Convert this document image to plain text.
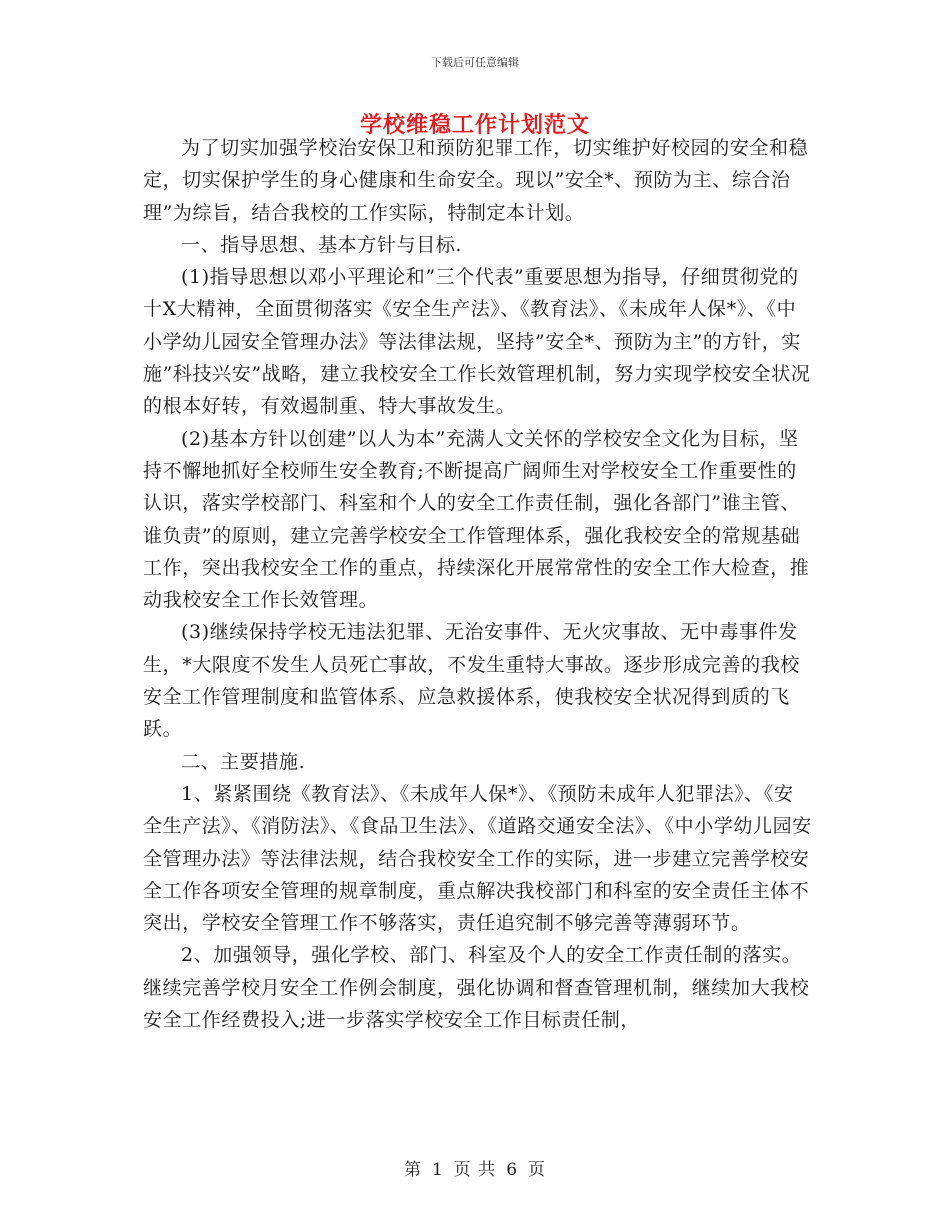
下载后可任意编辑
学校维稳工作计划范文

为了切实加强学校治安保卫和预防犯罪工作，切实维护好校园的安全和稳定，切实保护学生的身心健康和生命安全。现以”安全*、预防为主、综合治理”为综旨，结合我校的工作实际，特制定本计划。

一、指导思想、基本方针与目标.

(1)指导思想以邓小平理论和”三个代表”重要思想为指导，仔细贯彻党的十X大精神，全面贯彻落实《安全生产法》、《教育法》、《未成年人保*》、《中小学幼儿园安全管理办法》等法律法规，坚持”安全*、预防为主”的方针，实施”科技兴安”战略，建立我校安全工作长效管理机制，努力实现学校安全状况的根本好转，有效遏制重、特大事故发生。

(2)基本方针以创建”以人为本”充满人文关怀的学校安全文化为目标，坚持不懈地抓好全校师生安全教育;不断提高广阔师生对学校安全工作重要性的认识，落实学校部门、科室和个人的安全工作责任制，强化各部门”谁主管、谁负责”的原则，建立完善学校安全工作管理体系，强化我校安全的常规基础工作，突出我校安全工作的重点，持续深化开展常常性的安全工作大检查，推动我校安全工作长效管理。

(3)继续保持学校无违法犯罪、无治安事件、无火灾事故、无中毒事件发生，*大限度不发生人员死亡事故，不发生重特大事故。逐步形成完善的我校安全工作管理制度和监管体系、应急救援体系，使我校安全状况得到质的飞跃。

二、主要措施.

1、紧紧围绕《教育法》、《未成年人保*》、《预防未成年人犯罪法》、《安全生产法》、《消防法》、《食品卫生法》、《道路交通安全法》、《中小学幼儿园安全管理办法》等法律法规，结合我校安全工作的实际，进一步建立完善学校安全工作各项安全管理的规章制度，重点解决我校部门和科室的安全责任主体不突出，学校安全管理工作不够落实，责任追究制不够完善等薄弱环节。

2、加强领导，强化学校、部门、科室及个人的安全工作责任制的落实。继续完善学校月安全工作例会制度，强化协调和督查管理机制，继续加大我校安全工作经费投入;进一步落实学校安全工作目标责任制，

第 1 页 共 6 页
